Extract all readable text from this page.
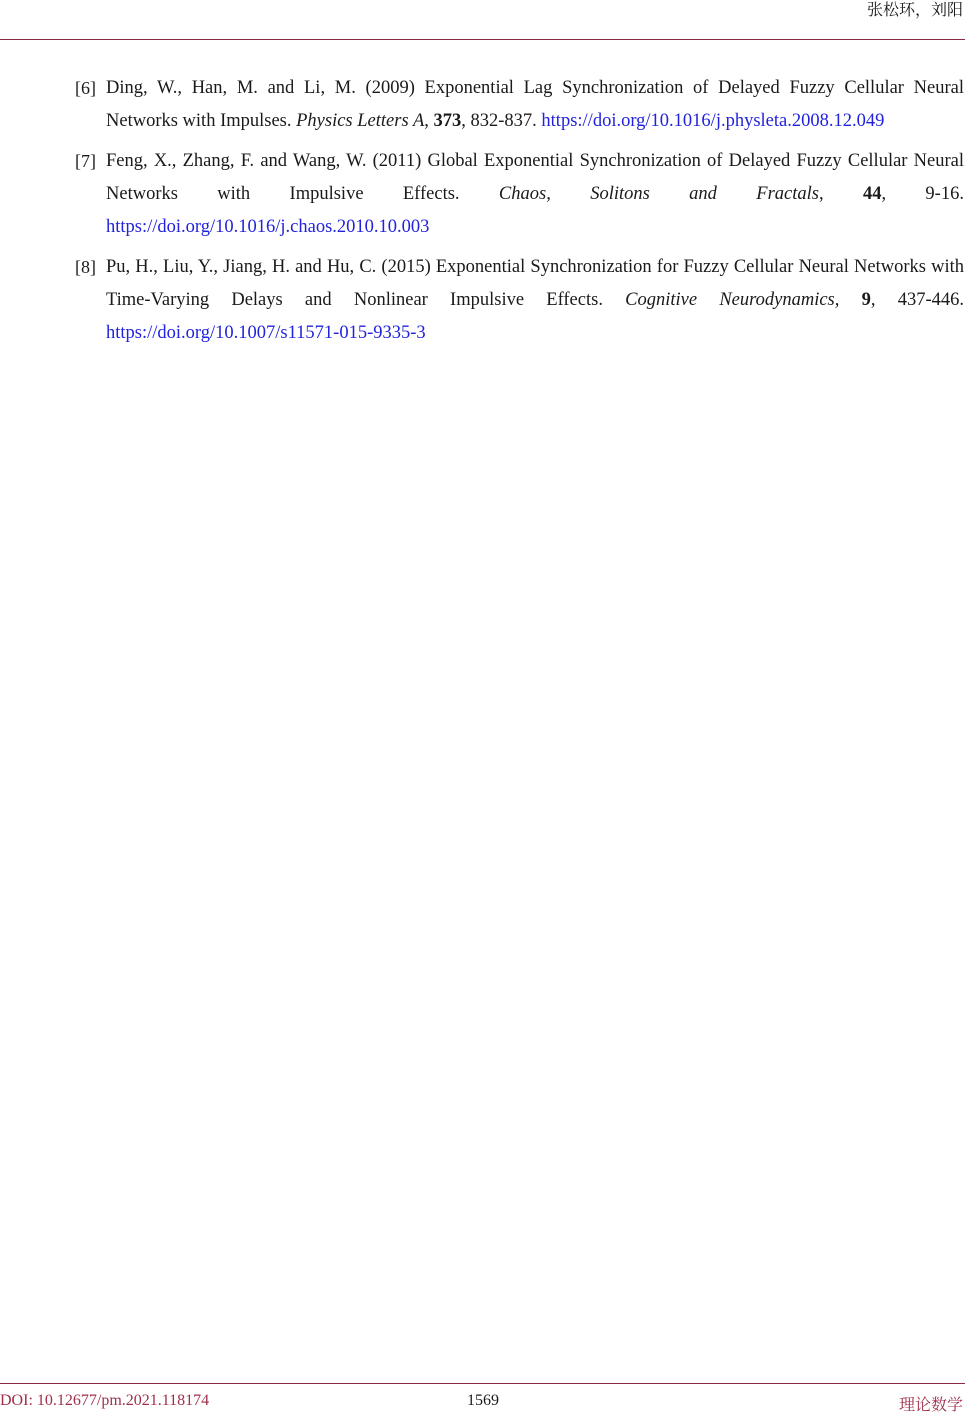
张松环，刘阳
[6] Ding, W., Han, M. and Li, M. (2009) Exponential Lag Synchronization of Delayed Fuzzy Cellular Neural Networks with Impulses. Physics Letters A, 373, 832-837. https://doi.org/10.1016/j.physleta.2008.12.049
[7] Feng, X., Zhang, F. and Wang, W. (2011) Global Exponential Synchronization of Delayed Fuzzy Cellular Neural Networks with Impulsive Effects. Chaos, Solitons and Fractals, 44, 9-16. https://doi.org/10.1016/j.chaos.2010.10.003
[8] Pu, H., Liu, Y., Jiang, H. and Hu, C. (2015) Exponential Synchronization for Fuzzy Cellular Neural Networks with Time-Varying Delays and Nonlinear Impulsive Effects. Cognitive Neurodynamics, 9, 437-446. https://doi.org/10.1007/s11571-015-9335-3
DOI: 10.12677/pm.2021.118174	1569	理论数学
